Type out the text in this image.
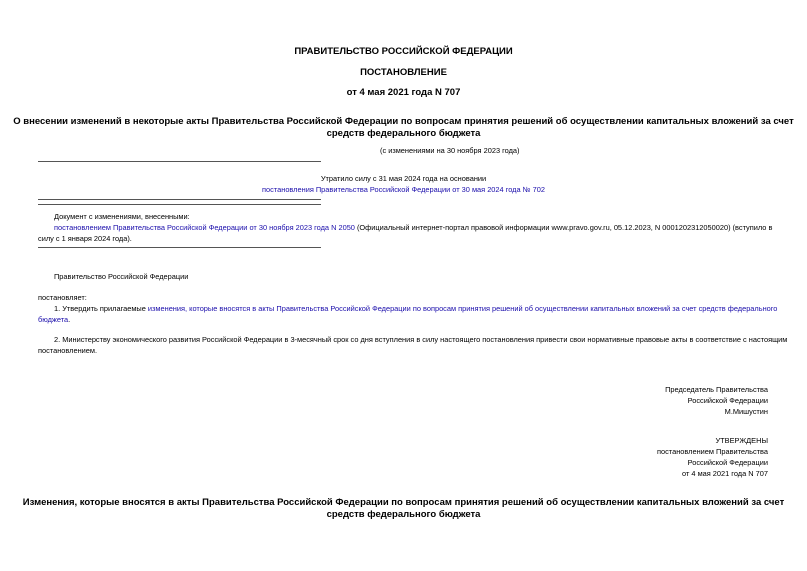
ПРАВИТЕЛЬСТВО РОССИЙСКОЙ ФЕДЕРАЦИИ
ПОСТАНОВЛЕНИЕ
от 4 мая 2021 года N 707
О внесении изменений в некоторые акты Правительства Российской Федерации по вопросам принятия решений об осуществлении капитальных вложений за счет
средств федерального бюджета
(с изменениями на 30 ноября 2023 года)
Утратило силу с 31 мая 2024 года на основании
постановления Правительства Российской Федерации от 30 мая 2024 года № 702
Документ с изменениями, внесенными:
постановлением Правительства Российской Федерации от 30 ноября 2023 года N 2050 (Официальный интернет-портал правовой информации www.pravo.gov.ru, 05.12.2023, N 0001202312050020) (вступило в
силу с 1 января 2024 года).
Правительство Российской Федерации
постановляет:
1. Утвердить прилагаемые изменения, которые вносятся в акты Правительства Российской Федерации по вопросам принятия решений об осуществлении капитальных вложений за счет средств федерального
бюджета.
2. Министерству экономического развития Российской Федерации в 3-месячный срок со дня вступления в силу настоящего постановления привести свои нормативные правовые акты в соответствие с настоящим
постановлением.
Председатель Правительства
Российской Федерации
М.Мишустин
УТВЕРЖДЕНЫ
постановлением Правительства
Российской Федерации
от 4 мая 2021 года N 707
Изменения, которые вносятся в акты Правительства Российской Федерации по вопросам принятия решений об осуществлении капитальных вложений за счет
средств федерального бюджета
